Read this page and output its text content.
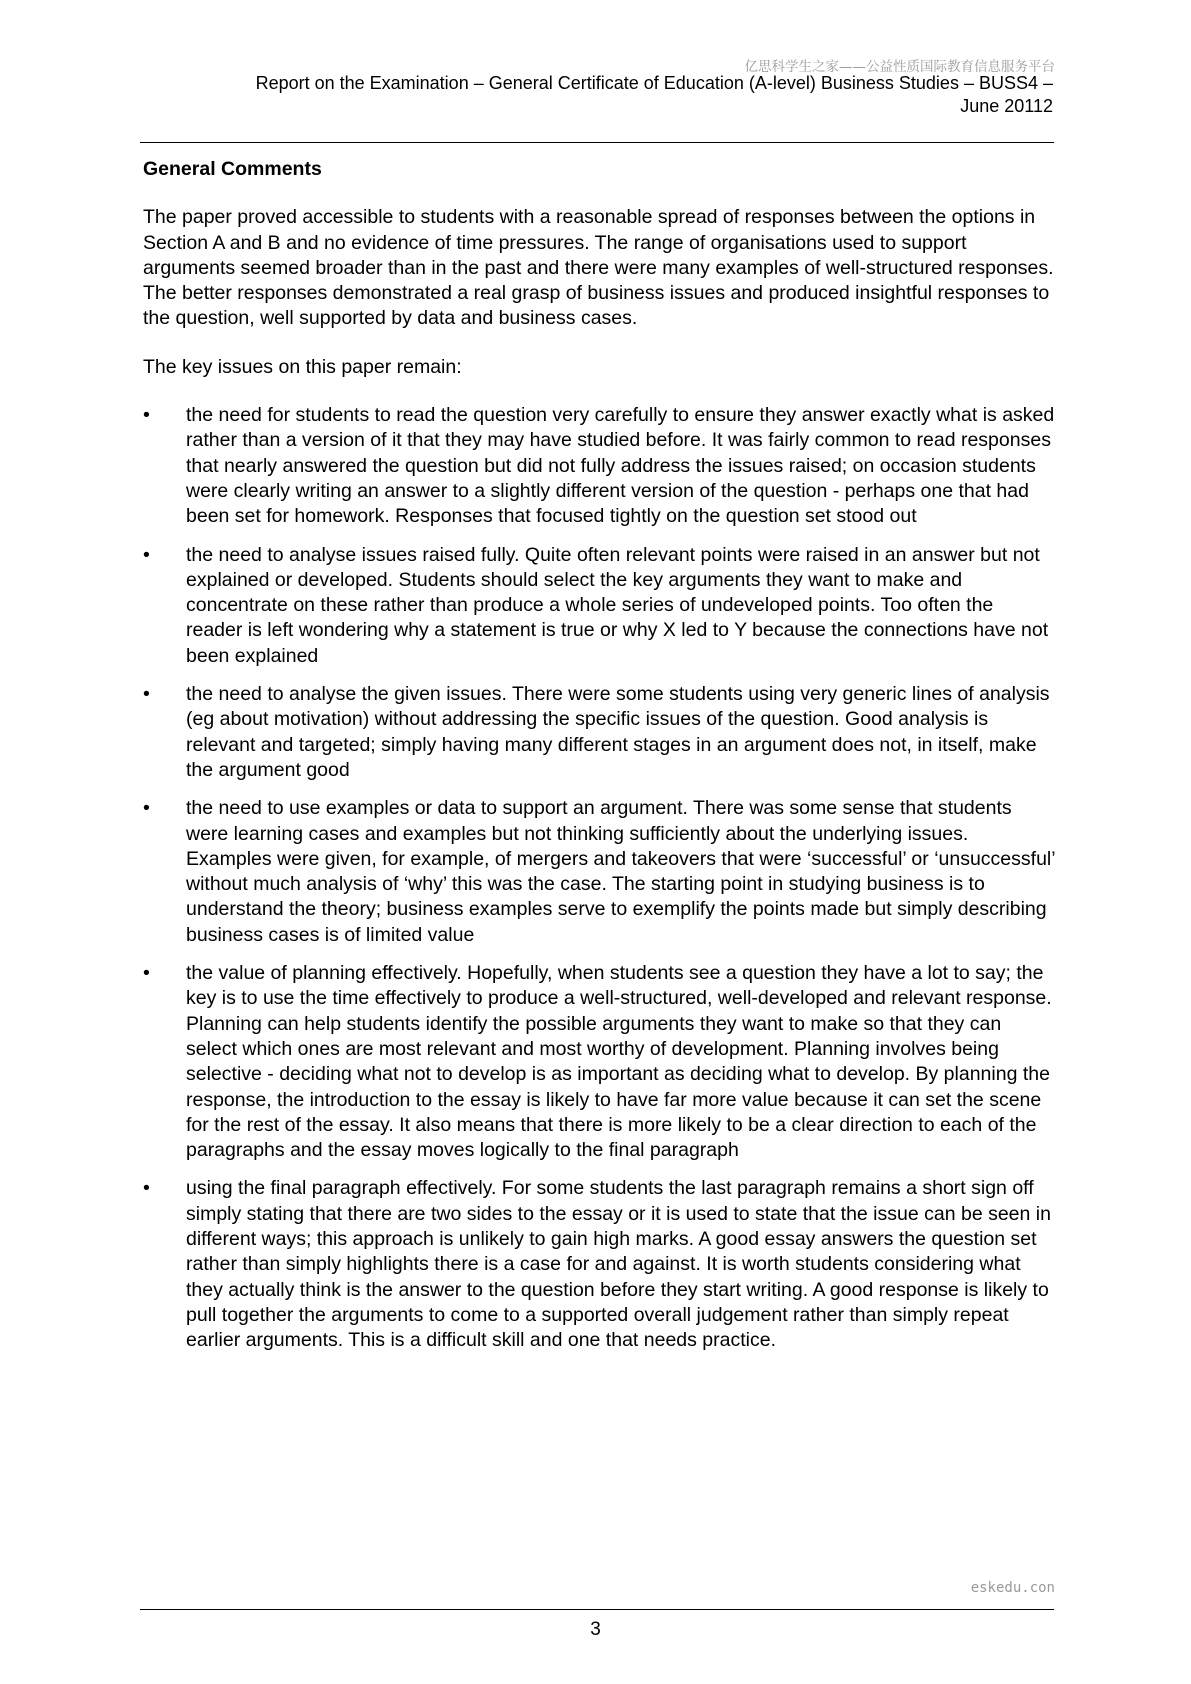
亿思科学生之家——公益性质国际教育信息服务平台
Report on the Examination – General Certificate of Education (A-level) Business Studies – BUSS4 –
June 20112
General Comments

The paper proved accessible to students with a reasonable spread of responses between the options in Section A and B and no evidence of time pressures. The range of organisations used to support arguments seemed broader than in the past and there were many examples of well-structured responses. The better responses demonstrated a real grasp of business issues and produced insightful responses to the question, well supported by data and business cases.

The key issues on this paper remain:

•	the need for students to read the question very carefully to ensure they answer exactly what is asked rather than a version of it that they may have studied before. It was fairly common to read responses that nearly answered the question but did not fully address the issues raised; on occasion students were clearly writing an answer to a slightly different version of the question - perhaps one that had been set for homework. Responses that focused tightly on the question set stood out
•	the need to analyse issues raised fully. Quite often relevant points were raised in an answer but not explained or developed. Students should select the key arguments they want to make and concentrate on these rather than produce a whole series of undeveloped points. Too often the reader is left wondering why a statement is true or why X led to Y because the connections have not been explained
•	the need to analyse the given issues. There were some students using very generic lines of analysis (eg about motivation) without addressing the specific issues of the question. Good analysis is relevant and targeted; simply having many different stages in an argument does not, in itself, make the argument good
•	the need to use examples or data to support an argument. There was some sense that students were learning cases and examples but not thinking sufficiently about the underlying issues. Examples were given, for example, of mergers and takeovers that were ‘successful’ or ‘unsuccessful’ without much analysis of ‘why’ this was the case. The starting point in studying business is to understand the theory; business examples serve to exemplify the points made but simply describing business cases is of limited value
•	the value of planning effectively. Hopefully, when students see a question they have a lot to say; the key is to use the time effectively to produce a well-structured, well-developed and relevant response. Planning can help students identify the possible arguments they want to make so that they can select which ones are most relevant and most worthy of development. Planning involves being selective - deciding what not to develop is as important as deciding what to develop. By planning the response, the introduction to the essay is likely to have far more value because it can set the scene for the rest of the essay. It also means that there is more likely to be a clear direction to each of the paragraphs and the essay moves logically to the final paragraph
•	using the final paragraph effectively. For some students the last paragraph remains a short sign off simply stating that there are two sides to the essay or it is used to state that the issue can be seen in different ways; this approach is unlikely to gain high marks. A good essay answers the question set rather than simply highlights there is a case for and against. It is worth students considering what they actually think is the answer to the question before they start writing. A good response is likely to pull together the arguments to come to a supported overall judgement rather than simply repeat earlier arguments. This is a difficult skill and one that needs practice.
eskedu.con
3
